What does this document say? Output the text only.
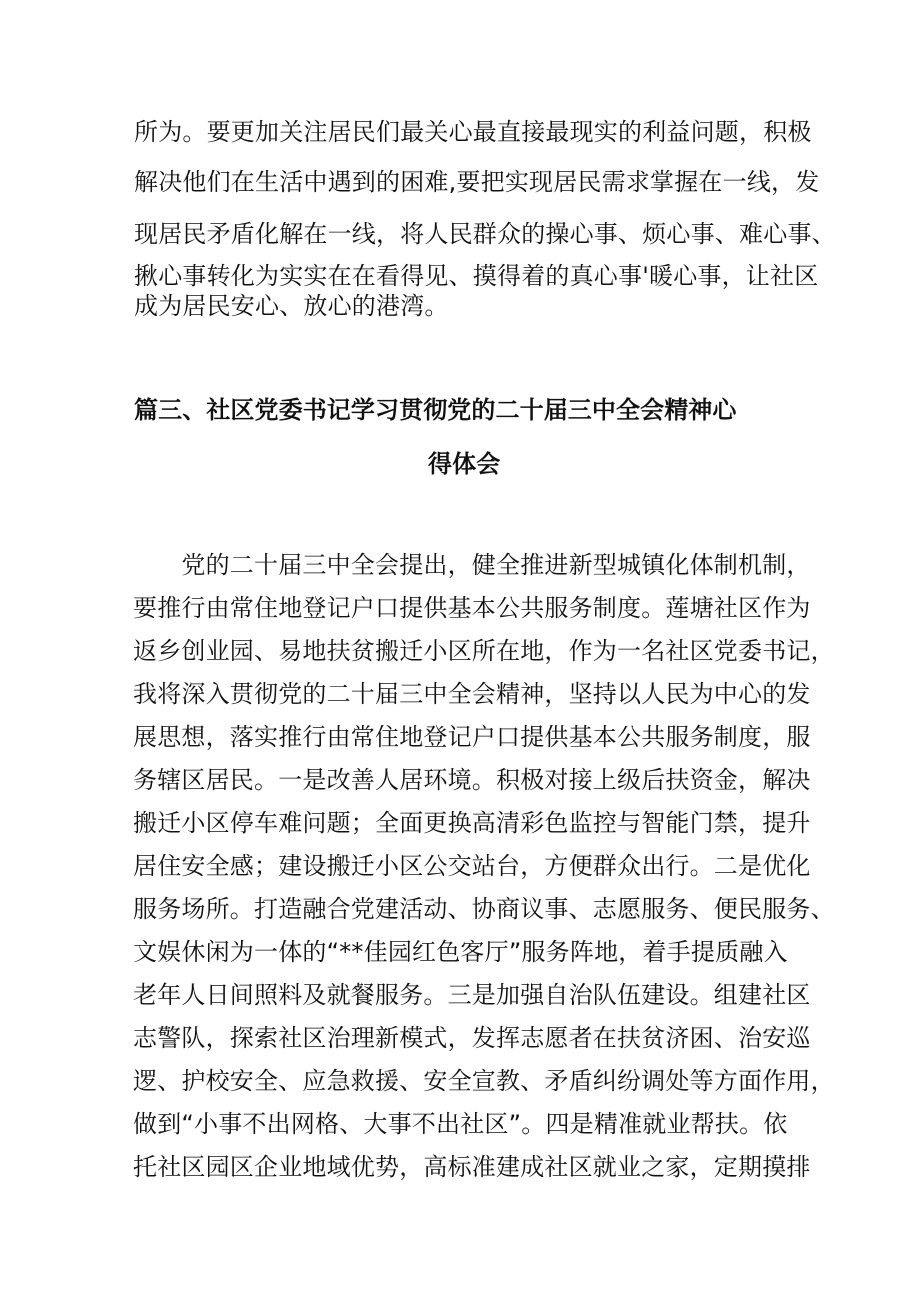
所为。要更加关注居民们最关心最直接最现实的利益问题，积极
解决他们在生活中遇到的困难,要把实现居民需求掌握在一线，发
现居民矛盾化解在一线，将人民群众的操心事、烦心事、难心事、
揪心事转化为实实在在看得见、摸得着的真心事'暖心事，让社区
成为居民安心、放心的港湾。
篇三、社区党委书记学习贯彻党的二十届三中全会精神心
得体会
　　党的二十届三中全会提出，健全推进新型城镇化体制机制，
要推行由常住地登记户口提供基本公共服务制度。莲塘社区作为
返乡创业园、易地扶贫搬迁小区所在地，作为一名社区党委书记，
我将深入贯彻党的二十届三中全会精神，坚持以人民为中心的发
展思想，落实推行由常住地登记户口提供基本公共服务制度，服
务辖区居民。一是改善人居环境。积极对接上级后扶资金，解决
搬迁小区停车难问题；全面更换高清彩色监控与智能门禁，提升
居住安全感；建设搬迁小区公交站台，方便群众出行。二是优化
服务场所。打造融合党建活动、协商议事、志愿服务、便民服务、
文娱休闲为一体的“**佳园红色客厅”服务阵地，着手提质融入
老年人日间照料及就餐服务。三是加强自治队伍建设。组建社区
志警队，探索社区治理新模式，发挥志愿者在扶贫济困、治安巡
逻、护校安全、应急救援、安全宣教、矛盾纠纷调处等方面作用，
做到“小事不出网格、大事不出社区”。四是精准就业帮扶。依
托社区园区企业地域优势，高标准建成社区就业之家，定期摸排
